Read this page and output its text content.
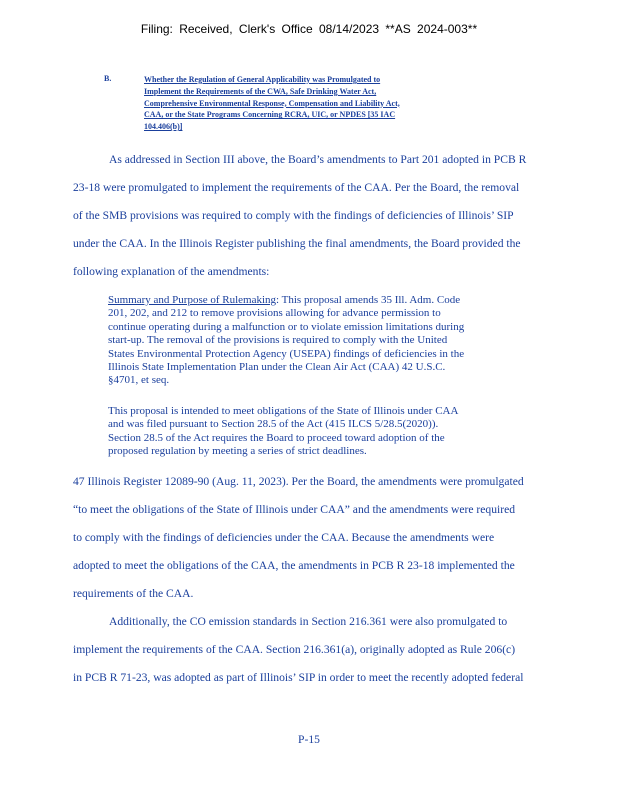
Filing: Received, Clerk's Office 08/14/2023 **AS 2024-003**
B.	Whether the Regulation of General Applicability was Promulgated to
Implement the Requirements of the CWA, Safe Drinking Water Act,
Comprehensive Environmental Response, Compensation and Liability Act,
CAA, or the State Programs Concerning RCRA, UIC, or NPDES [35 IAC
104.406(b)]
As addressed in Section III above, the Board’s amendments to Part 201 adopted in PCB R
23-18 were promulgated to implement the requirements of the CAA. Per the Board, the removal
of the SMB provisions was required to comply with the findings of deficiencies of Illinois’ SIP
under the CAA. In the Illinois Register publishing the final amendments, the Board provided the
following explanation of the amendments:
Summary and Purpose of Rulemaking: This proposal amends 35 Ill. Adm. Code
201, 202, and 212 to remove provisions allowing for advance permission to
continue operating during a malfunction or to violate emission limitations during
start-up. The removal of the provisions is required to comply with the United
States Environmental Protection Agency (USEPA) findings of deficiencies in the
Illinois State Implementation Plan under the Clean Air Act (CAA) 42 U.S.C.
§4701, et seq.
This proposal is intended to meet obligations of the State of Illinois under CAA
and was filed pursuant to Section 28.5 of the Act (415 ILCS 5/28.5(2020)).
Section 28.5 of the Act requires the Board to proceed toward adoption of the
proposed regulation by meeting a series of strict deadlines.
47 Illinois Register 12089-90 (Aug. 11, 2023). Per the Board, the amendments were promulgated
“to meet the obligations of the State of Illinois under CAA” and the amendments were required
to comply with the findings of deficiencies under the CAA. Because the amendments were
adopted to meet the obligations of the CAA, the amendments in PCB R 23-18 implemented the
requirements of the CAA.
Additionally, the CO emission standards in Section 216.361 were also promulgated to
implement the requirements of the CAA. Section 216.361(a), originally adopted as Rule 206(c)
in PCB R 71-23, was adopted as part of Illinois’ SIP in order to meet the recently adopted federal
P-15
